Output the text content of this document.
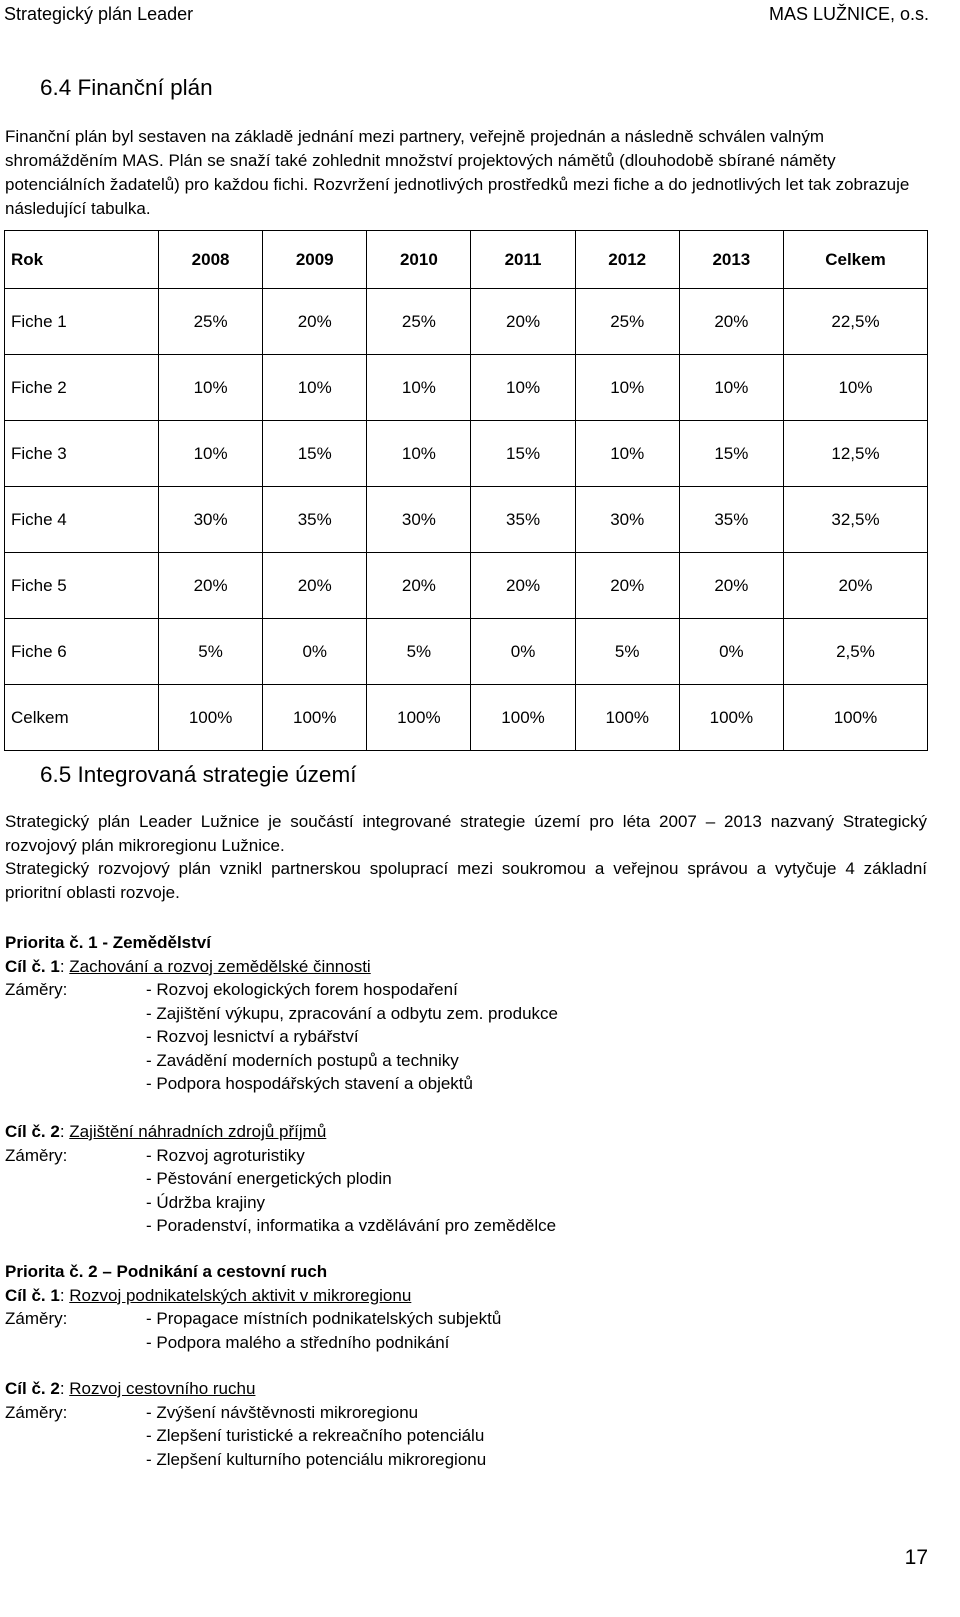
Strategický plán Leader	MAS LUŽNICE, o.s.
6.4 Finanční plán
Finanční plán byl sestaven na základě jednání mezi partnery, veřejně projednán a následně schválen valným shromážděním MAS. Plán se snaží také zohlednit množství projektových námětů (dlouhodobě sbírané náměty potenciálních žadatelů) pro každou fichi. Rozvržení jednotlivých prostředků mezi fiche a do jednotlivých let tak zobrazuje následující tabulka.
Rok	2008	2009	2010	2011	2012	2013	Celkem
Fiche 1	25%	20%	25%	20%	25%	20%	22,5%
Fiche 2	10%	10%	10%	10%	10%	10%	10%
Fiche 3	10%	15%	10%	15%	10%	15%	12,5%
Fiche 4	30%	35%	30%	35%	30%	35%	32,5%
Fiche 5	20%	20%	20%	20%	20%	20%	20%
Fiche 6	5%	0%	5%	0%	5%	0%	2,5%
Celkem	100%	100%	100%	100%	100%	100%	100%
6.5 Integrovaná strategie území
Strategický plán Leader Lužnice je součástí integrované strategie území pro léta 2007 – 2013 nazvaný Strategický rozvojový plán mikroregionu Lužnice.
Strategický rozvojový plán vznikl partnerskou spoluprací mezi soukromou a veřejnou správou a vytyčuje 4 základní prioritní oblasti rozvoje.
Priorita č. 1 - Zemědělství
Cíl č. 1: Zachování a rozvoj zemědělské činnosti
Záměry:	- Rozvoj ekologických forem hospodaření
- Zajištění výkupu, zpracování a odbytu zem. produkce
- Rozvoj lesnictví a rybářství
- Zavádění moderních postupů a techniky
- Podpora hospodářských stavení a objektů
Cíl č. 2: Zajištění náhradních zdrojů příjmů
Záměry:	- Rozvoj agroturistiky
- Pěstování energetických plodin
- Údržba krajiny
- Poradenství, informatika a vzdělávání pro zemědělce
Priorita č. 2 – Podnikání a cestovní ruch
Cíl č. 1: Rozvoj podnikatelských aktivit v mikroregionu
Záměry:	- Propagace místních podnikatelských subjektů
- Podpora malého a středního podnikání
Cíl č. 2: Rozvoj cestovního ruchu
Záměry:	- Zvýšení návštěvnosti mikroregionu
- Zlepšení turistické a rekreačního potenciálu
- Zlepšení kulturního potenciálu mikroregionu
17
